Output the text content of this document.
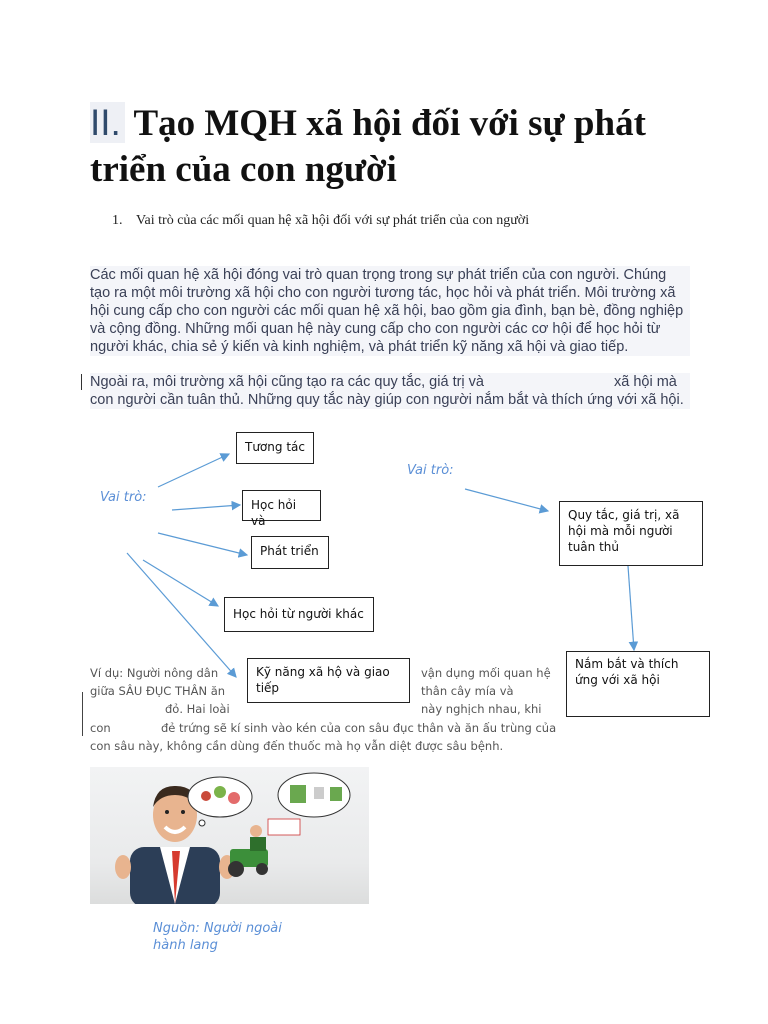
II. Tạo MQH xã hội đối với sự phát triển của con người
1. Vai trò của các mối quan hệ xã hội đối với sự phát triển của con người
Các mối quan hệ xã hội đóng vai trò quan trọng trong sự phát triển của con người. Chúng tạo ra một môi trường xã hội cho con người tương tác, học hỏi và phát triển. Môi trường xã hội cung cấp cho con người các mối quan hệ xã hội, bao gồm gia đình, bạn bè, đồng nghiệp và cộng đồng. Những mối quan hệ này cung cấp cho con người các cơ hội để học hỏi từ người khác, chia sẻ ý kiến và kinh nghiệm, và phát triển kỹ năng xã hội và giao tiếp.
Ngoài ra, môi trường xã hội cũng tạo ra các quy tắc, giá trị và	xã hội mà con người cần tuân thủ. Những quy tắc này giúp con người nắm bắt và thích ứng với xã hội.
Vai trò:
Vai trò:
Tương tác
Học hỏi và
Phát triển
Học hỏi từ người khác
Quy tắc, giá trị, xã hội mà mỗi người tuân thủ
Nắm bắt và thích ứng với xã hội
Ví dụ: Người nông dân	vận dụng mối quan hệ
giữa SÂU ĐỤC THÂN ăn	thân cây mía và
đỏ. Hai loài	này nghịch nhau, khi
con	đẻ trứng sẽ kí sinh vào kén của con sâu đục thân và ăn ấu trùng của
con sâu này, không cần dùng đến thuốc mà họ vẫn diệt được sâu bệnh.
Kỹ năng xã hộ và giao tiếp
Nguồn: Người ngoài hành lang
